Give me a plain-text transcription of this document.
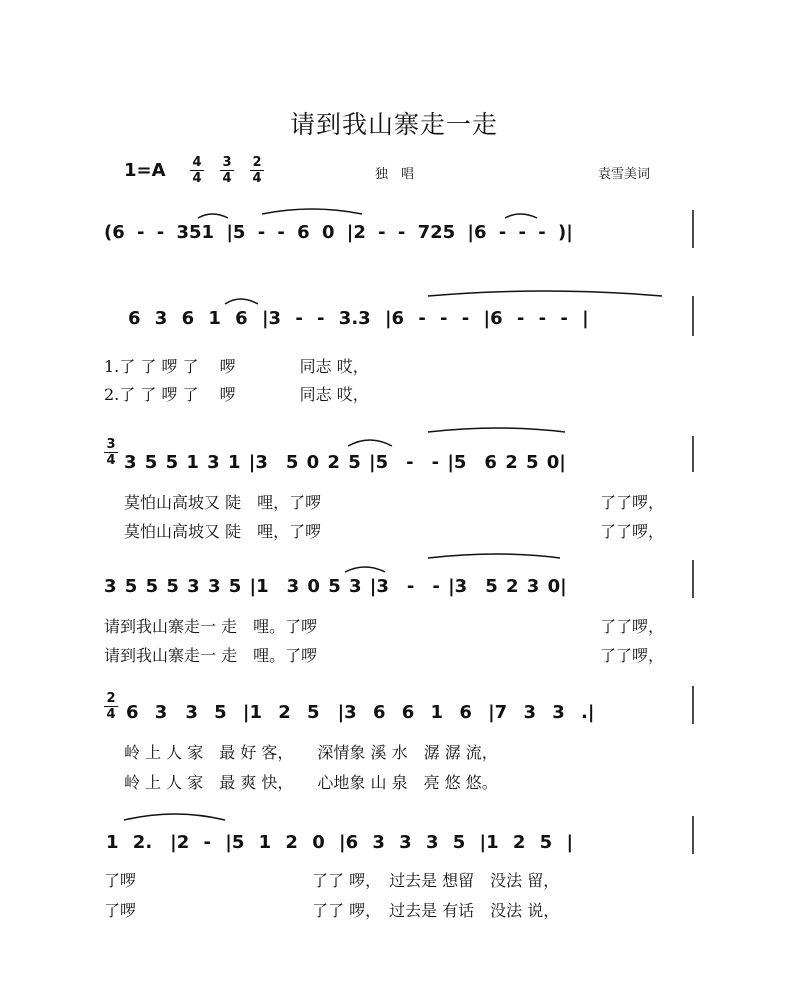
请到我山寨走一走
1=A 4
4
3
4
2
4	独　唱	袁雪美词
3
4
2
4
(6 - - 351 |5 - - 6 0 |2 - - 725 |6 - - - )|
6 3 6 1 6 |3 - - 3.3 |6 - - - |6 - - - |
1.了 了 啰 了　 啰　　　　同志 哎，
2.了 了 啰 了　 啰　　　　同志 哎，
3 5 5 1 3 1 |3　5 0 2 5 |5　-　- |5　6 2 5 0|
莫怕山高坡又 陡　哩，了啰	了了啰，
莫怕山高坡又 陡　哩，了啰	了了啰，
3 5 5 5 3 3 5 |1　3 0 5 3 |3　-　- |3　5 2 3 0|
请到我山寨走一 走　哩。了啰	了了啰，
请到我山寨走一 走　哩。了啰	了了啰，
6 3　3 5 |1 2 5　|3 6 6 1 6 |7 3 3 .|
岭 上 人 家　最 好 客，　　深情象 溪 水　潺 潺 流，
岭 上 人 家　最 爽 快，　　心地象 山 泉　亮 悠 悠。
1 2.　|2 - |5 1 2 0 |6 3 3 3 5 |1 2 5 |
了啰　　　　　　　　　　　了了 啰，　过去是 想留　没法 留，
了啰　　　　　　　　　　　了了 啰，　过去是 有话　没法 说，
